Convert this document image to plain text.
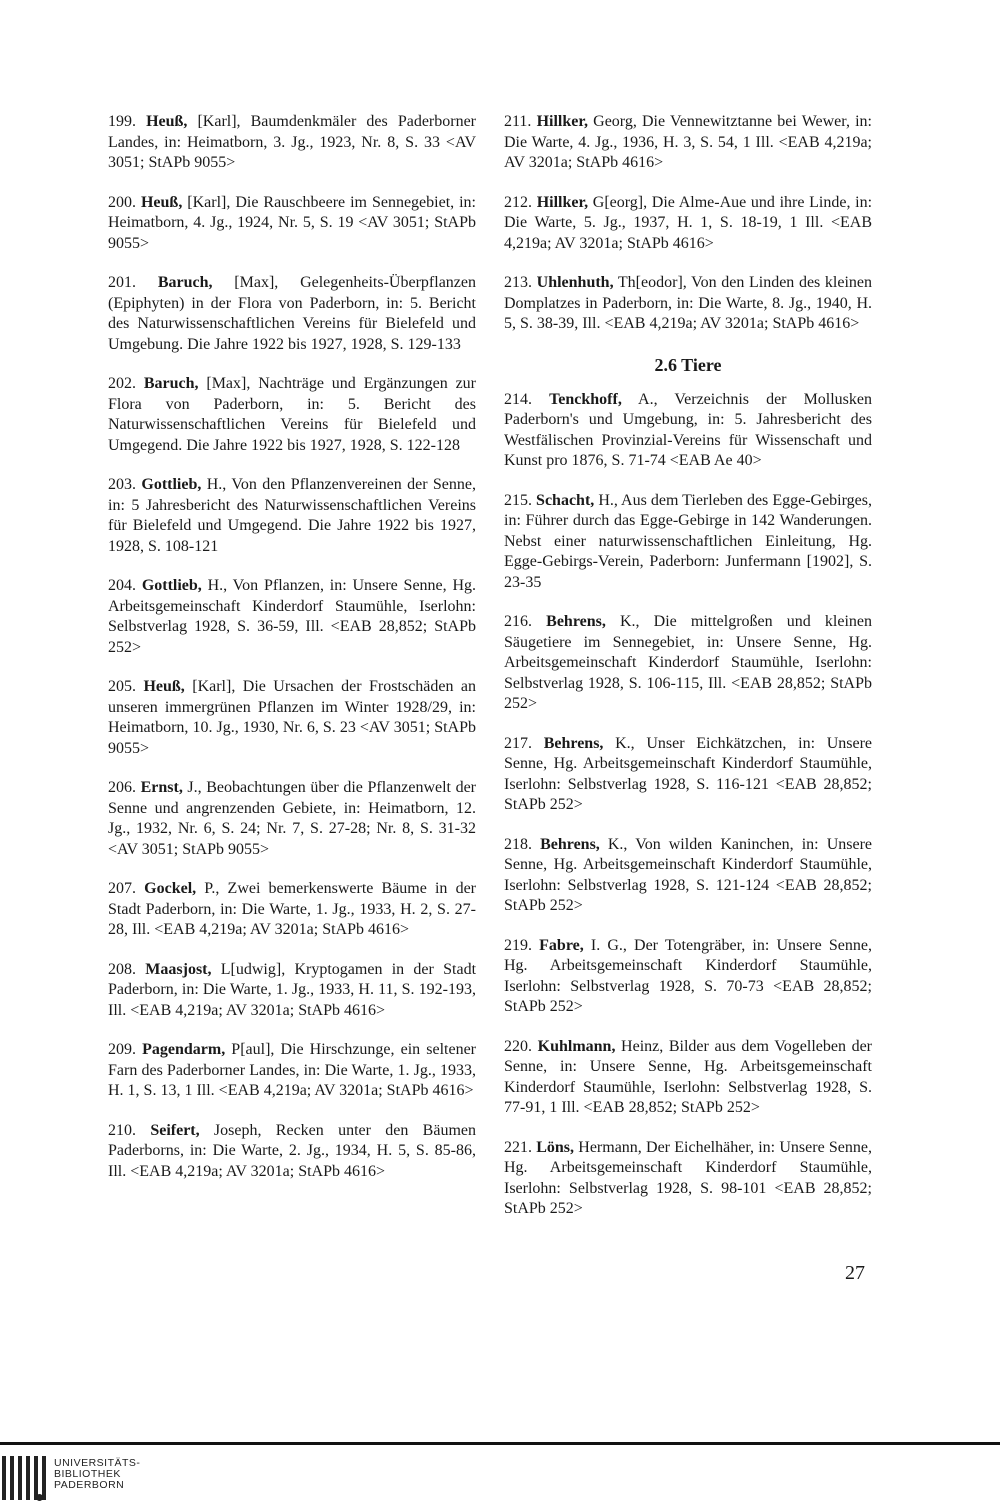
199. Heuß, [Karl], Baumdenkmäler des Paderborner Landes, in: Heimatborn, 3. Jg., 1923, Nr. 8, S. 33 <AV 3051; StAPb 9055>
200. Heuß, [Karl], Die Rauschbeere im Sennegebiet, in: Heimatborn, 4. Jg., 1924, Nr. 5, S. 19 <AV 3051; StAPb 9055>
201. Baruch, [Max], Gelegenheits-Überpflanzen (Epiphyten) in der Flora von Paderborn, in: 5. Bericht des Naturwissenschaftlichen Vereins für Bielefeld und Umgebung. Die Jahre 1922 bis 1927, 1928, S. 129-133
202. Baruch, [Max], Nachträge und Ergänzungen zur Flora von Paderborn, in: 5. Bericht des Naturwissenschaftlichen Vereins für Bielefeld und Umgegend. Die Jahre 1922 bis 1927, 1928, S. 122-128
203. Gottlieb, H., Von den Pflanzenvereinen der Senne, in: 5 Jahresbericht des Naturwissenschaftlichen Vereins für Bielefeld und Umgegend. Die Jahre 1922 bis 1927, 1928, S. 108-121
204. Gottlieb, H., Von Pflanzen, in: Unsere Senne, Hg. Arbeitsgemeinschaft Kinderdorf Staumühle, Iserlohn: Selbstverlag 1928, S. 36-59, Ill. <EAB 28,852; StAPb 252>
205. Heuß, [Karl], Die Ursachen der Frostschäden an unseren immergrünen Pflanzen im Winter 1928/29, in: Heimatborn, 10. Jg., 1930, Nr. 6, S. 23 <AV 3051; StAPb 9055>
206. Ernst, J., Beobachtungen über die Pflanzenwelt der Senne und angrenzenden Gebiete, in: Heimatborn, 12. Jg., 1932, Nr. 6, S. 24; Nr. 7, S. 27-28; Nr. 8, S. 31-32 <AV 3051; StAPb 9055>
207. Gockel, P., Zwei bemerkenswerte Bäume in der Stadt Paderborn, in: Die Warte, 1. Jg., 1933, H. 2, S. 27-28, Ill. <EAB 4,219a; AV 3201a; StAPb 4616>
208. Maasjost, L[udwig], Kryptogamen in der Stadt Paderborn, in: Die Warte, 1. Jg., 1933, H. 11, S. 192-193, Ill. <EAB 4,219a; AV 3201a; StAPb 4616>
209. Pagendarm, P[aul], Die Hirschzunge, ein seltener Farn des Paderborner Landes, in: Die Warte, 1. Jg., 1933, H. 1, S. 13, 1 Ill. <EAB 4,219a; AV 3201a; StAPb 4616>
210. Seifert, Joseph, Recken unter den Bäumen Paderborns, in: Die Warte, 2. Jg., 1934, H. 5, S. 85-86, Ill. <EAB 4,219a; AV 3201a; StAPb 4616>
211. Hillker, Georg, Die Vennewitztanne bei Wewer, in: Die Warte, 4. Jg., 1936, H. 3, S. 54, 1 Ill. <EAB 4,219a; AV 3201a; StAPb 4616>
212. Hillker, G[eorg], Die Alme-Aue und ihre Linde, in: Die Warte, 5. Jg., 1937, H. 1, S. 18-19, 1 Ill. <EAB 4,219a; AV 3201a; StAPb 4616>
213. Uhlenhuth, Th[eodor], Von den Linden des kleinen Domplatzes in Paderborn, in: Die Warte, 8. Jg., 1940, H. 5, S. 38-39, Ill. <EAB 4,219a; AV 3201a; StAPb 4616>
2.6 Tiere
214. Tenckhoff, A., Verzeichnis der Mollusken Paderborn's und Umgebung, in: 5. Jahresbericht des Westfälischen Provinzial-Vereins für Wissenschaft und Kunst pro 1876, S. 71-74 <EAB Ae 40>
215. Schacht, H., Aus dem Tierleben des Egge-Gebirges, in: Führer durch das Egge-Gebirge in 142 Wanderungen. Nebst einer naturwissenschaftlichen Einleitung, Hg. Egge-Gebirgs-Verein, Paderborn: Junfermann [1902], S. 23-35
216. Behrens, K., Die mittelgroßen und kleinen Säugetiere im Sennegebiet, in: Unsere Senne, Hg. Arbeitsgemeinschaft Kinderdorf Staumühle, Iserlohn: Selbstverlag 1928, S. 106-115, Ill. <EAB 28,852; StAPb 252>
217. Behrens, K., Unser Eichkätzchen, in: Unsere Senne, Hg. Arbeitsgemeinschaft Kinderdorf Staumühle, Iserlohn: Selbstverlag 1928, S. 116-121 <EAB 28,852; StAPb 252>
218. Behrens, K., Von wilden Kaninchen, in: Unsere Senne, Hg. Arbeitsgemeinschaft Kinderdorf Staumühle, Iserlohn: Selbstverlag 1928, S. 121-124 <EAB 28,852; StAPb 252>
219. Fabre, I. G., Der Totengräber, in: Unsere Senne, Hg. Arbeitsgemeinschaft Kinderdorf Staumühle, Iserlohn: Selbstverlag 1928, S. 70-73 <EAB 28,852; StAPb 252>
220. Kuhlmann, Heinz, Bilder aus dem Vogelleben der Senne, in: Unsere Senne, Hg. Arbeitsgemeinschaft Kinderdorf Staumühle, Iserlohn: Selbstverlag 1928, S. 77-91, 1 Ill. <EAB 28,852; StAPb 252>
221. Löns, Hermann, Der Eichelhäher, in: Unsere Senne, Hg. Arbeitsgemeinschaft Kinderdorf Staumühle, Iserlohn: Selbstverlag 1928, S. 98-101 <EAB 28,852; StAPb 252>
27
UNIVERSITÄTS-
BIBLIOTHEK
PADERBORN
